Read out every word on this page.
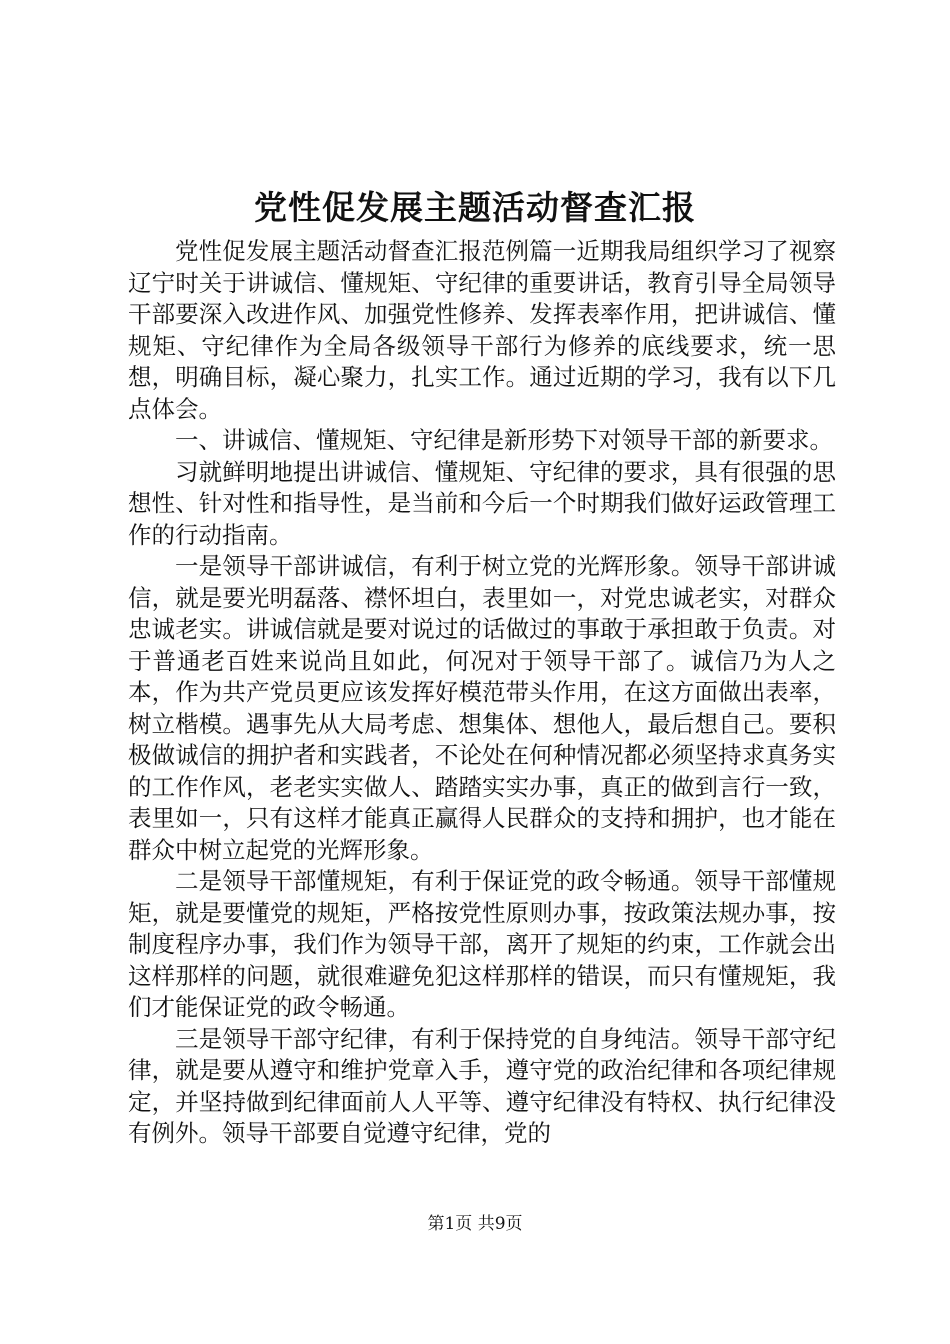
党性促发展主题活动督查汇报

党性促发展主题活动督查汇报范例篇一近期我局组织学习了视察辽宁时关于讲诚信、懂规矩、守纪律的重要讲话，教育引导全局领导干部要深入改进作风、加强党性修养、发挥表率作用，把讲诚信、懂规矩、守纪律作为全局各级领导干部行为修养的底线要求，统一思想，明确目标，凝心聚力，扎实工作。通过近期的学习，我有以下几点体会。

一、讲诚信、懂规矩、守纪律是新形势下对领导干部的新要求。

习就鲜明地提出讲诚信、懂规矩、守纪律的要求，具有很强的思想性、针对性和指导性，是当前和今后一个时期我们做好运政管理工作的行动指南。

一是领导干部讲诚信，有利于树立党的光辉形象。领导干部讲诚信，就是要光明磊落、襟怀坦白，表里如一，对党忠诚老实，对群众忠诚老实。讲诚信就是要对说过的话做过的事敢于承担敢于负责。对于普通老百姓来说尚且如此，何况对于领导干部了。诚信乃为人之本，作为共产党员更应该发挥好模范带头作用，在这方面做出表率，树立楷模。遇事先从大局考虑、想集体、想他人，最后想自己。要积极做诚信的拥护者和实践者，不论处在何种情况都必须坚持求真务实的工作作风，老老实实做人、踏踏实实办事，真正的做到言行一致，表里如一，只有这样才能真正赢得人民群众的支持和拥护，也才能在群众中树立起党的光辉形象。

二是领导干部懂规矩，有利于保证党的政令畅通。领导干部懂规矩，就是要懂党的规矩，严格按党性原则办事，按政策法规办事，按制度程序办事，我们作为领导干部，离开了规矩的约束，工作就会出这样那样的问题，就很难避免犯这样那样的错误，而只有懂规矩，我们才能保证党的政令畅通。

三是领导干部守纪律，有利于保持党的自身纯洁。领导干部守纪律，就是要从遵守和维护党章入手，遵守党的政治纪律和各项纪律规定，并坚持做到纪律面前人人平等、遵守纪律没有特权、执行纪律没有例外。领导干部要自觉遵守纪律，党的

第1页 共9页
